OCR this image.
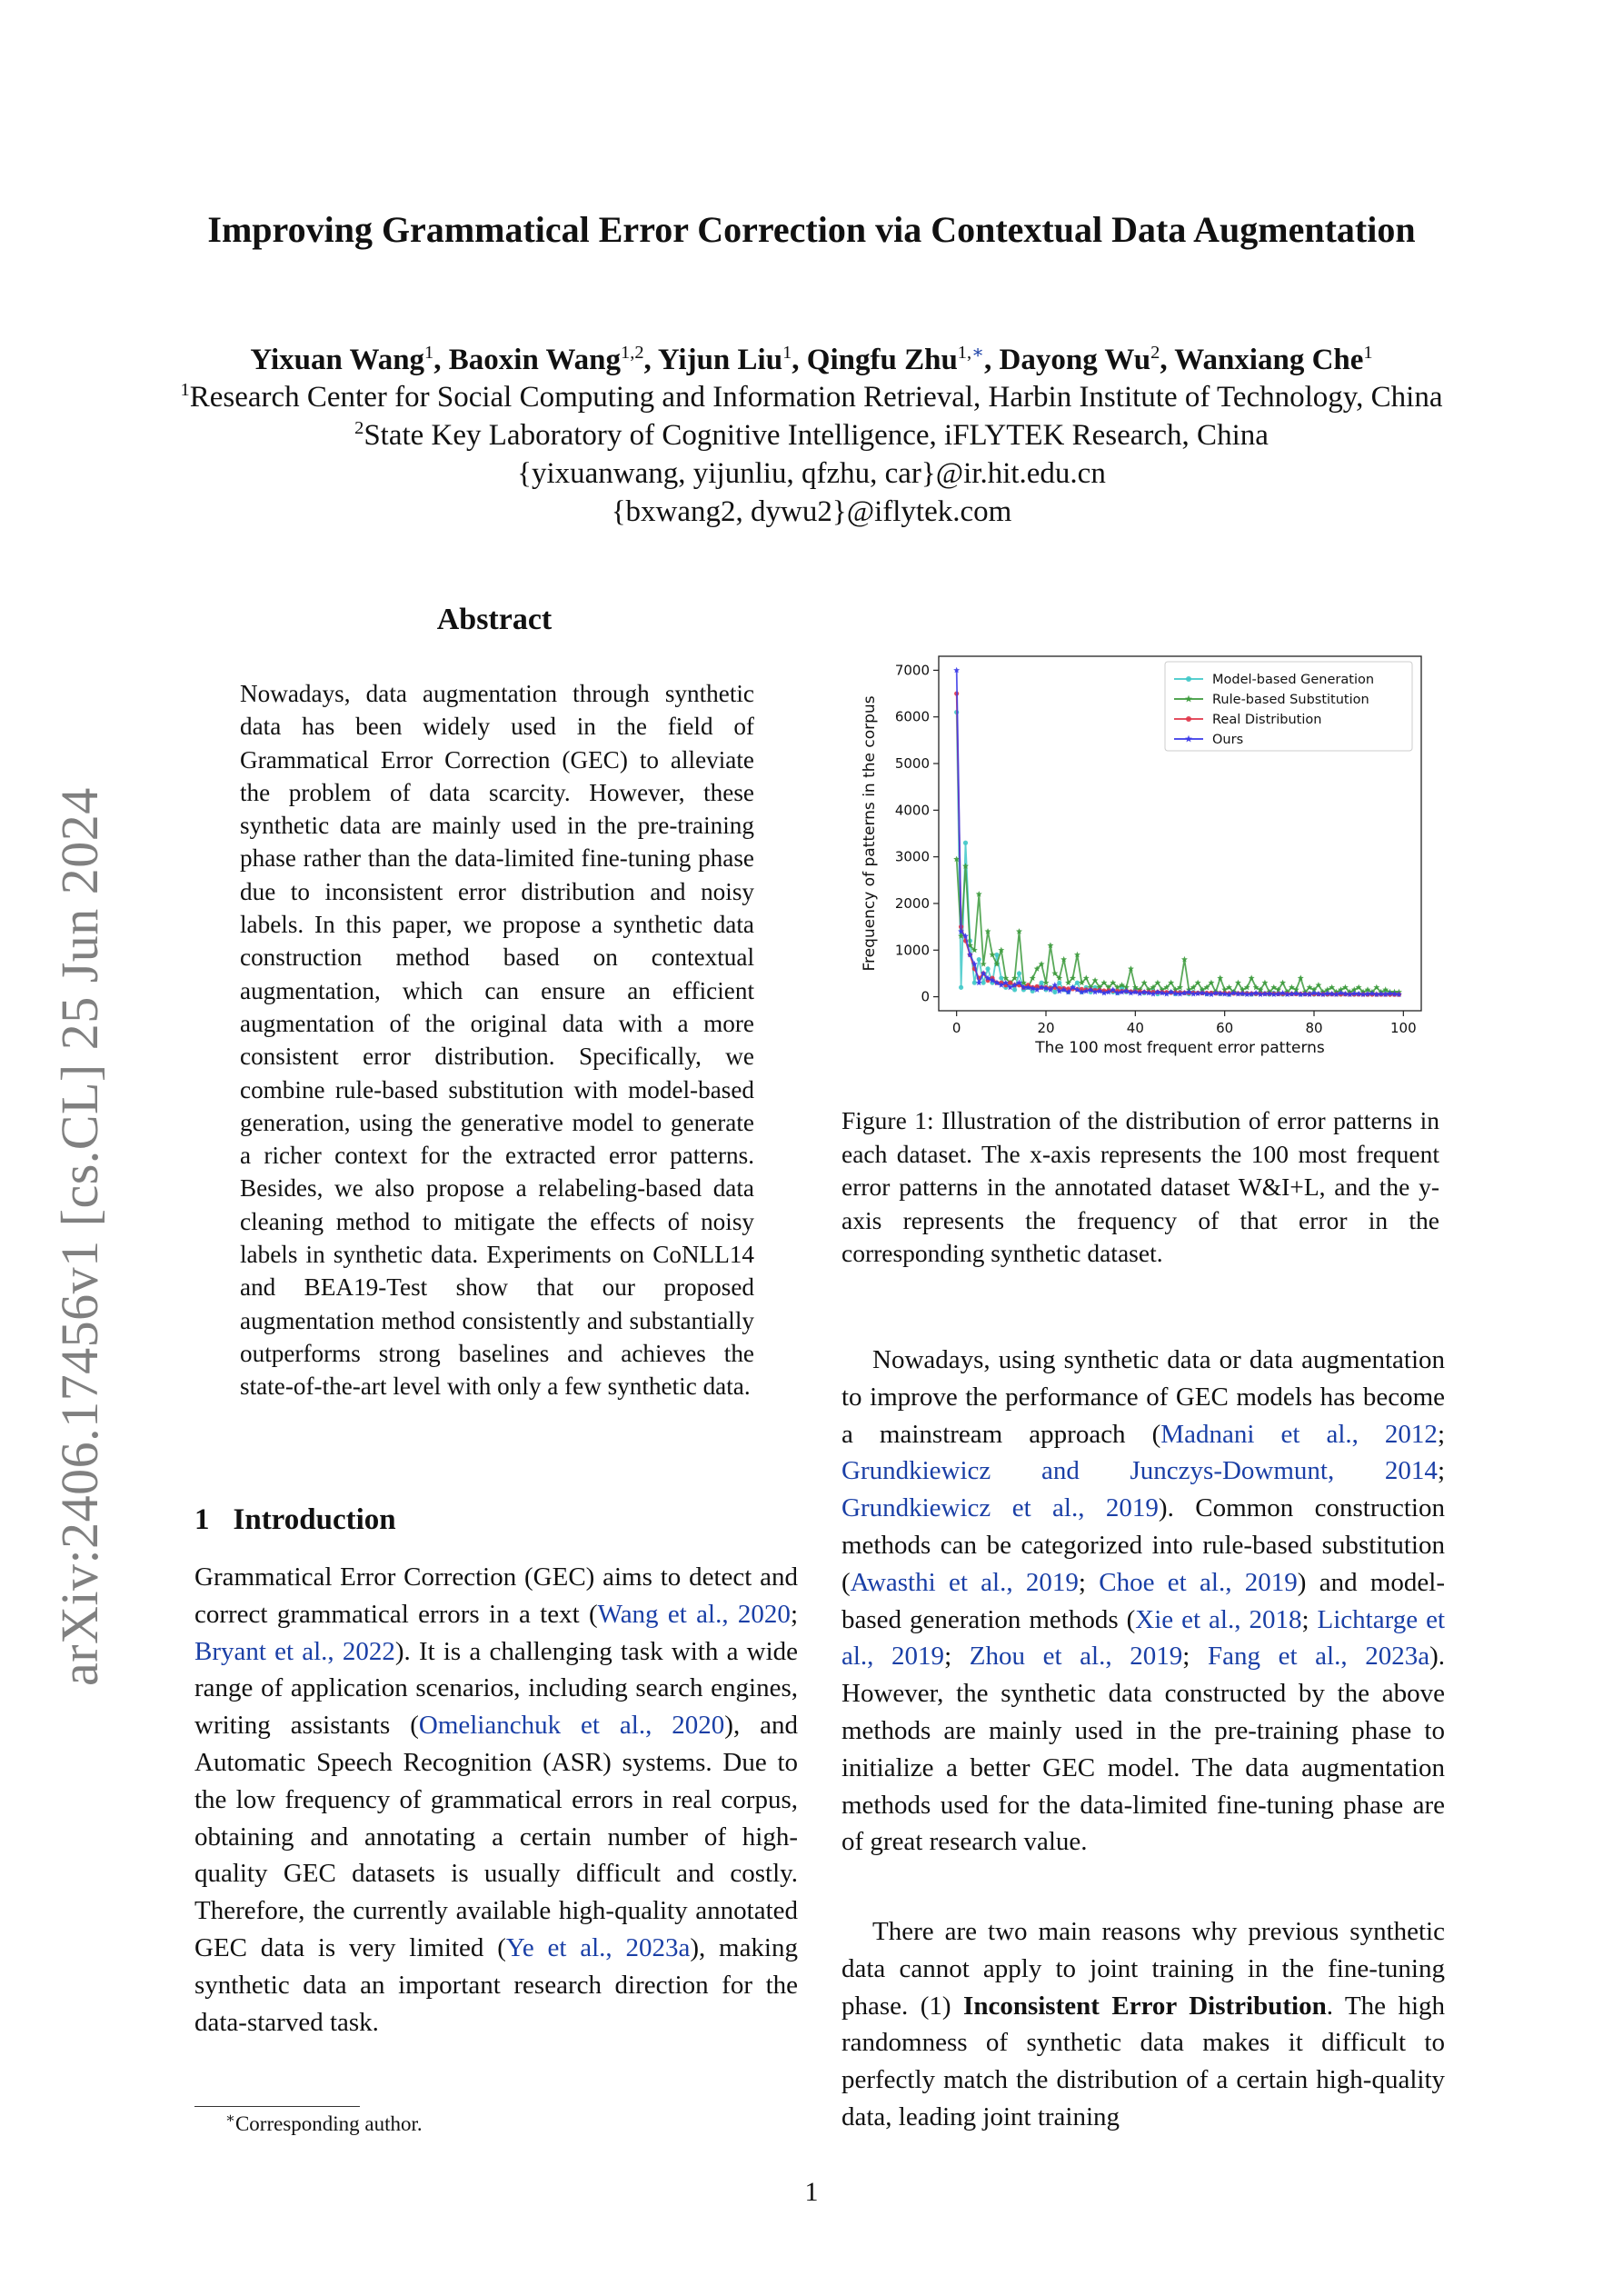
arXiv:2406.17456v1 [cs.CL] 25 Jun 2024
Improving Grammatical Error Correction via Contextual Data Augmentation
Yixuan Wang$^1$, Baoxin Wang$^{1,2}$, Yijun Liu$^1$, Qingfu Zhu$^{1,∗}$, Dayong Wu$^2$, Wanxiang Che$^1$
$^1$Research Center for Social Computing and Information Retrieval, Harbin Institute of Technology, China
$^2$State Key Laboratory of Cognitive Intelligence, iFLYTEK Research, China
{yixuanwang, yijunliu, qfzhu, car}@ir.hit.edu.cn
{bxwang2, dywu2}@iflytek.com
Abstract
Nowadays, data augmentation through synthetic data has been widely used in the field of Grammatical Error Correction (GEC) to alleviate the problem of data scarcity. However, these synthetic data are mainly used in the pre-training phase rather than the data-limited fine-tuning phase due to inconsistent error distribution and noisy labels. In this paper, we propose a synthetic data construction method based on contextual augmentation, which can ensure an efficient augmentation of the original data with a more consistent error distribution. Specifically, we combine rule-based substitution with model-based generation, using the generative model to generate a richer context for the extracted error patterns. Besides, we also propose a relabeling-based data cleaning method to mitigate the effects of noisy labels in synthetic data. Experiments on CoNLL14 and BEA19-Test show that our proposed augmentation method consistently and substantially outperforms strong baselines and achieves the state-of-the-art level with only a few synthetic data.
1 Introduction
Grammatical Error Correction (GEC) aims to detect and correct grammatical errors in a text (Wang et al., 2020; Bryant et al., 2022). It is a challenging task with a wide range of application scenarios, including search engines, writing assistants (Omelianchuk et al., 2020), and Automatic Speech Recognition (ASR) systems. Due to the low frequency of grammatical errors in real corpus, obtaining and annotating a certain number of high-quality GEC datasets is usually difficult and costly. Therefore, the currently available high-quality annotated GEC data is very limited (Ye et al., 2023a), making synthetic data an important research direction for the data-starved task.
∗Corresponding author.
0	20	40	60	80	100
0
1000
2000
3000
4000
5000
6000
7000
The 100 most frequent error patterns
Frequency of patterns in the corpus
Model-based Generation
Rule-based Substitution
Real Distribution
Ours
Figure 1: Illustration of the distribution of error patterns in each dataset. The x-axis represents the 100 most frequent error patterns in the annotated dataset W&I+L, and the y-axis represents the frequency of that error in the corresponding synthetic dataset.
Nowadays, using synthetic data or data augmentation to improve the performance of GEC models has become a mainstream approach (Madnani et al., 2012; Grundkiewicz and Junczys-Dowmunt, 2014; Grundkiewicz et al., 2019). Common construction methods can be categorized into rule-based substitution (Awasthi et al., 2019; Choe et al., 2019) and model-based generation methods (Xie et al., 2018; Lichtarge et al., 2019; Zhou et al., 2019; Fang et al., 2023a). However, the synthetic data constructed by the above methods are mainly used in the pre-training phase to initialize a better GEC model. The data augmentation methods used for the data-limited fine-tuning phase are of great research value.
There are two main reasons why previous synthetic data cannot apply to joint training in the fine-tuning phase. (1) Inconsistent Error Distribution. The high randomness of synthetic data makes it difficult to perfectly match the distribution of a certain high-quality data, leading joint training
1
